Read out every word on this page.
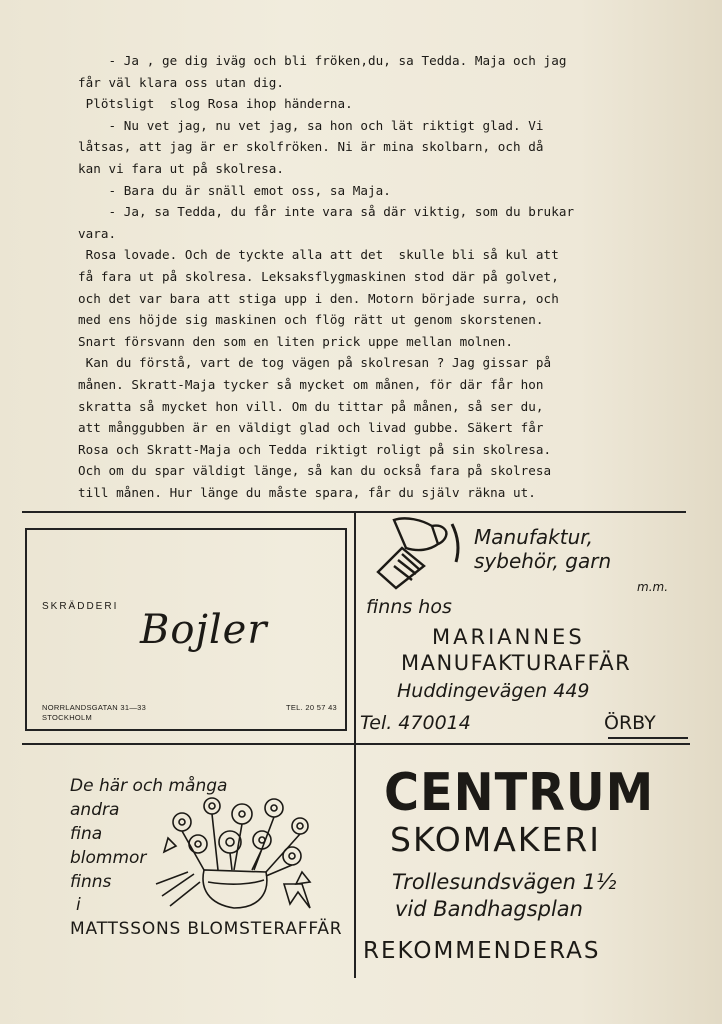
- Ja , ge dig iväg och bli fröken,du, sa Tedda. Maja och jag

får väl klara oss utan dig.

Plötsligt  slog Rosa ihop händerna.

- Nu vet jag, nu vet jag, sa hon och lät riktigt glad. Vi

låtsas, att jag är er skolfröken. Ni är mina skolbarn, och då

kan vi fara ut på skolresa.

- Bara du är snäll emot oss, sa Maja.

- Ja, sa Tedda, du får inte vara så där viktig, som du brukar

vara.

Rosa lovade. Och de tyckte alla att det  skulle bli så kul att

få fara ut på skolresa. Leksaksflygmaskinen stod där på golvet,

och det var bara att stiga upp i den. Motorn började surra, och

med ens höjde sig maskinen och flög rätt ut genom skorstenen.

Snart försvann den som en liten prick uppe mellan molnen.

Kan du förstå, vart de tog vägen på skolresan ? Jag gissar på

månen. Skratt-Maja tycker så mycket om månen, för där får hon

skratta så mycket hon vill. Om du tittar på månen, så ser du,

att månggubben är en väldigt glad och livad gubbe. Säkert får

Rosa och Skratt-Maja och Tedda riktigt roligt på sin skolresa.

Och om du spar väldigt länge, så kan du också fara på skolresa

till månen. Hur länge du måste spara, får du själv räkna ut.

SKRÄDDERI
Bojler
NORRLANDSGATAN 31—33
STOCKHOLM
TEL. 20 57 43
Manufaktur,
sybehör, garn
m.m.
finns hos
MARIANNES
MANUFAKTURAFFÄR
Huddingevägen 449
Tel. 470014	ÖRBY
De här och många
andra
fina
blommor
finns
i
MATTSSONS BLOMSTERAFFÄR
CENTRUM
SKOMAKERI
Trollesundsvägen 1½
vid Bandhagsplan
REKOMMENDERAS
